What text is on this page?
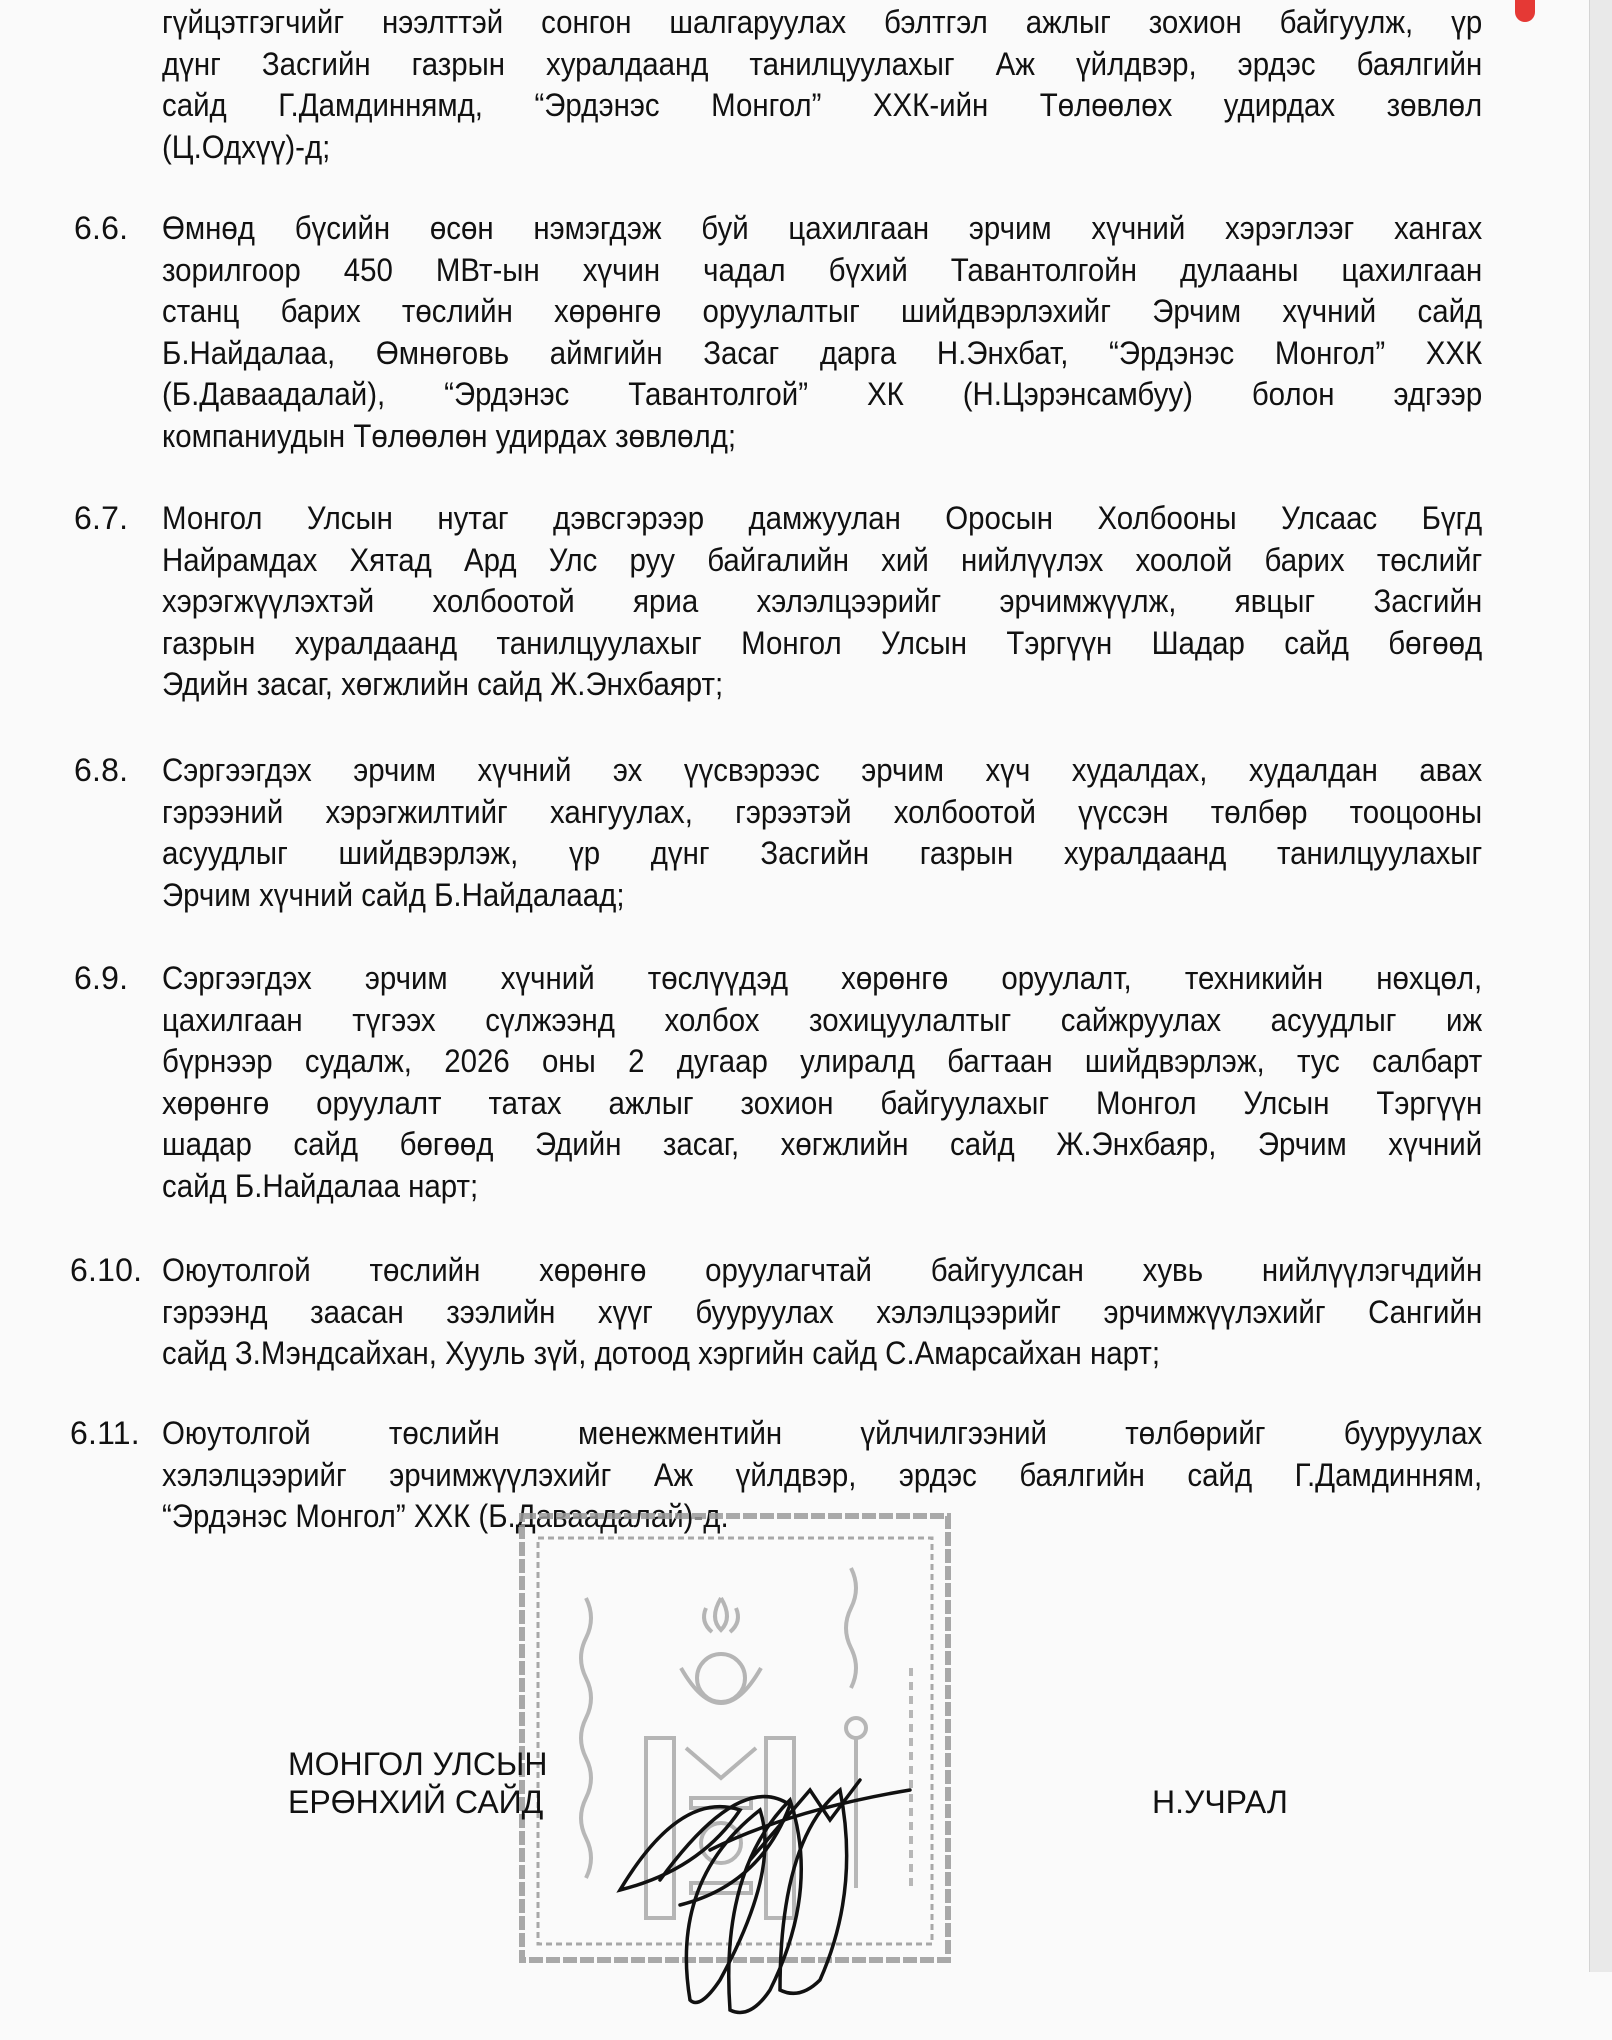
гүйцэтгэгчийг нээлттэй сонгон шалгаруулах бэлтгэл ажлыг зохион байгуулж, үр
дүнг Засгийн газрын хуралдаанд танилцуулахыг Аж үйлдвэр, эрдэс баялгийн
сайд Г.Дамдиннямд, “Эрдэнэс Монгол” ХХК-ийн Төлөөлөх удирдах зөвлөл
(Ц.Одхүү)-д;
6.6. Өмнөд бүсийн өсөн нэмэгдэж буй цахилгаан эрчим хүчний хэрэглээг хангах
зорилгоор 450 МВт-ын хүчин чадал бүхий Тавантолгойн дулааны цахилгаан
станц барих төслийн хөрөнгө оруулалтыг шийдвэрлэхийг Эрчим хүчний сайд
Б.Найдалаа, Өмнөговь аймгийн Засаг дарга Н.Энхбат, “Эрдэнэс Монгол” ХХК
(Б.Даваадалай), “Эрдэнэс Тавантолгой” ХК (Н.Цэрэнсамбуу) болон эдгээр
компаниудын Төлөөлөн удирдах зөвлөлд;
6.7. Монгол Улсын нутаг дэвсгэрээр дамжуулан Оросын Холбооны Улсаас Бүгд
Найрамдах Хятад Ард Улс руу байгалийн хий нийлүүлэх хоолой барих төслийг
хэрэгжүүлэхтэй холбоотой яриа хэлэлцээрийг эрчимжүүлж, явцыг Засгийн
газрын хуралдаанд танилцуулахыг Монгол Улсын Тэргүүн Шадар сайд бөгөөд
Эдийн засаг, хөгжлийн сайд Ж.Энхбаярт;
6.8. Сэргээгдэх эрчим хүчний эх үүсвэрээс эрчим хүч худалдах, худалдан авах
гэрээний хэрэгжилтийг хангуулах, гэрээтэй холбоотой үүссэн төлбөр тооцооны
асуудлыг шийдвэрлэж, үр дүнг Засгийн газрын хуралдаанд танилцуулахыг
Эрчим хүчний сайд Б.Найдалаад;
6.9. Сэргээгдэх эрчим хүчний төслүүдэд хөрөнгө оруулалт, техникийн нөхцөл,
цахилгаан түгээх сүлжээнд холбох зохицуулалтыг сайжруулах асуудлыг иж
бүрнээр судалж, 2026 оны 2 дугаар улиралд багтаан шийдвэрлэж, тус салбарт
хөрөнгө оруулалт татах ажлыг зохион байгуулахыг Монгол Улсын Тэргүүн
шадар сайд бөгөөд Эдийн засаг, хөгжлийн сайд Ж.Энхбаяр, Эрчим хүчний
сайд Б.Найдалаа нарт;
6.10. Оюутолгой төслийн хөрөнгө оруулагчтай байгуулсан хувь нийлүүлэгчдийн
гэрээнд заасан зээлийн хүүг бууруулах хэлэлцээрийг эрчимжүүлэхийг Сангийн
сайд З.Мэндсайхан, Хууль зүй, дотоод хэргийн сайд С.Амарсайхан нарт;
6.11. Оюутолгой төслийн менежментийн үйлчилгээний төлбөрийг бууруулах
хэлэлцээрийг эрчимжүүлэхийг Аж үйлдвэр, эрдэс баялгийн сайд Г.Дамдинням,
“Эрдэнэс Монгол” ХХК (Б.Даваадалай)-д.
МОНГОЛ УЛСЫН
ЕРӨНХИЙ САЙД	Н.УЧРАЛ
